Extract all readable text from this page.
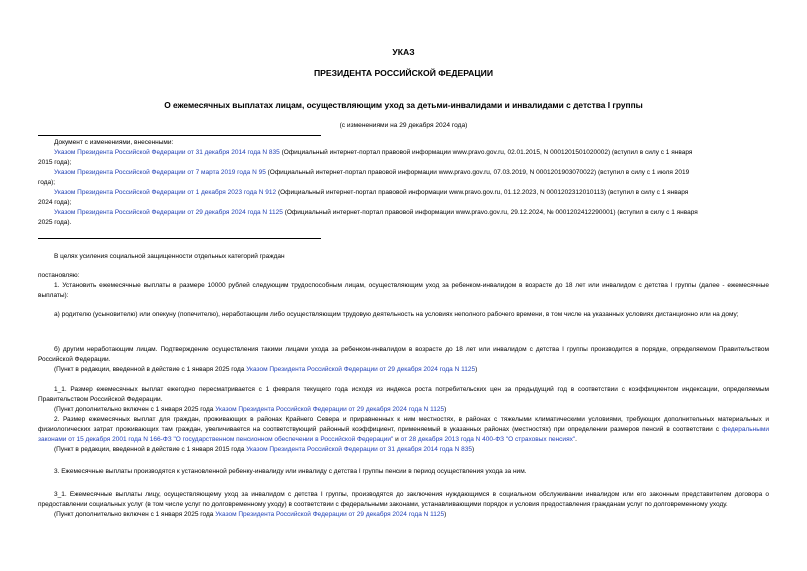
УКАЗ
ПРЕЗИДЕНТА РОССИЙСКОЙ ФЕДЕРАЦИИ
О ежемесячных выплатах лицам, осуществляющим уход за детьми-инвалидами и инвалидами с детства I группы
(с изменениями на 29 декабря 2024 года)

Документ с изменениями, внесенными:

Указом Президента Российской Федерации от 31 декабря 2014 года N 835 (Официальный интернет-портал правовой информации www.pravo.gov.ru, 02.01.2015, N 0001201501020002) (вступил в силу с 1 января

2015 года);

Указом Президента Российской Федерации от 7 марта 2019 года N 95 (Официальный интернет-портал правовой информации www.pravo.gov.ru, 07.03.2019, N 0001201903070022) (вступил в силу с 1 июля 2019

года);

Указом Президента Российской Федерации от 1 декабря 2023 года N 912 (Официальный интернет-портал правовой информации www.pravo.gov.ru, 01.12.2023, N 0001202312010113) (вступил в силу с 1 января

2024 года);

Указом Президента Российской Федерации от 29 декабря 2024 года N 1125 (Официальный интернет-портал правовой информации www.pravo.gov.ru, 29.12.2024, № 0001202412290001) (вступил в силу с 1 января

2025 года).

В целях усиления социальной защищенности отдельных категорий граждан

постановляю:

1. Установить ежемесячные выплаты в размере 10000 рублей следующим трудоспособным лицам, осуществляющим уход за ребенком-инвалидом в возрасте до 18 лет или инвалидом с детства I группы (далее - ежемесячные выплаты):

а) родителю (усыновителю) или опекуну (попечителю), неработающим либо осуществляющим трудовую деятельность на условиях неполного рабочего времени, в том числе на указанных условиях дистанционно или на дому;

б) другим неработающим лицам. Подтверждение осуществления такими лицами ухода за ребенком-инвалидом в возрасте до 18 лет или инвалидом с детства I группы производится в порядке, определяемом Правительством Российской Федерации.

(Пункт в редакции, введенной в действие с 1 января 2025 года Указом Президента Российской Федерации от 29 декабря 2024 года N 1125)

1_1. Размер ежемесячных выплат ежегодно пересматривается с 1 февраля текущего года исходя из индекса роста потребительских цен за предыдущий год в соответствии с коэффициентом индексации, определяемым Правительством Российской Федерации.

(Пункт дополнительно включен с 1 января 2025 года Указом Президента Российской Федерации от 29 декабря 2024 года N 1125)

2. Размер ежемесячных выплат для граждан, проживающих в районах Крайнего Севера и приравненных к ним местностях, в районах с тяжелыми климатическими условиями, требующих дополнительных материальных и физиологических затрат проживающих там граждан, увеличивается на соответствующий районный коэффициент, применяемый в указанных районах (местностях) при определении размеров пенсий в соответствии с федеральными законами от 15 декабря 2001 года N 166-ФЗ "О государственном пенсионном обеспечении в Российской Федерации" и от 28 декабря 2013 года N 400-ФЗ "О страховых пенсиях".

(Пункт в редакции, введенной в действие с 1 января 2015 года Указом Президента Российской Федерации от 31 декабря 2014 года N 835)

3. Ежемесячные выплаты производятся к установленной ребенку-инвалиду или инвалиду с детства I группы пенсии в период осуществления ухода за ним.

3_1. Ежемесячные выплаты лицу, осуществляющему уход за инвалидом с детства I группы, производятся до заключения нуждающимся в социальном обслуживании инвалидом или его законным представителем договора о предоставлении социальных услуг (в том числе услуг по долговременному уходу) в соответствии с федеральными законами, устанавливающими порядок и условия предоставления гражданам услуг по долговременному уходу.

(Пункт дополнительно включен с 1 января 2025 года Указом Президента Российской Федерации от 29 декабря 2024 года N 1125)
